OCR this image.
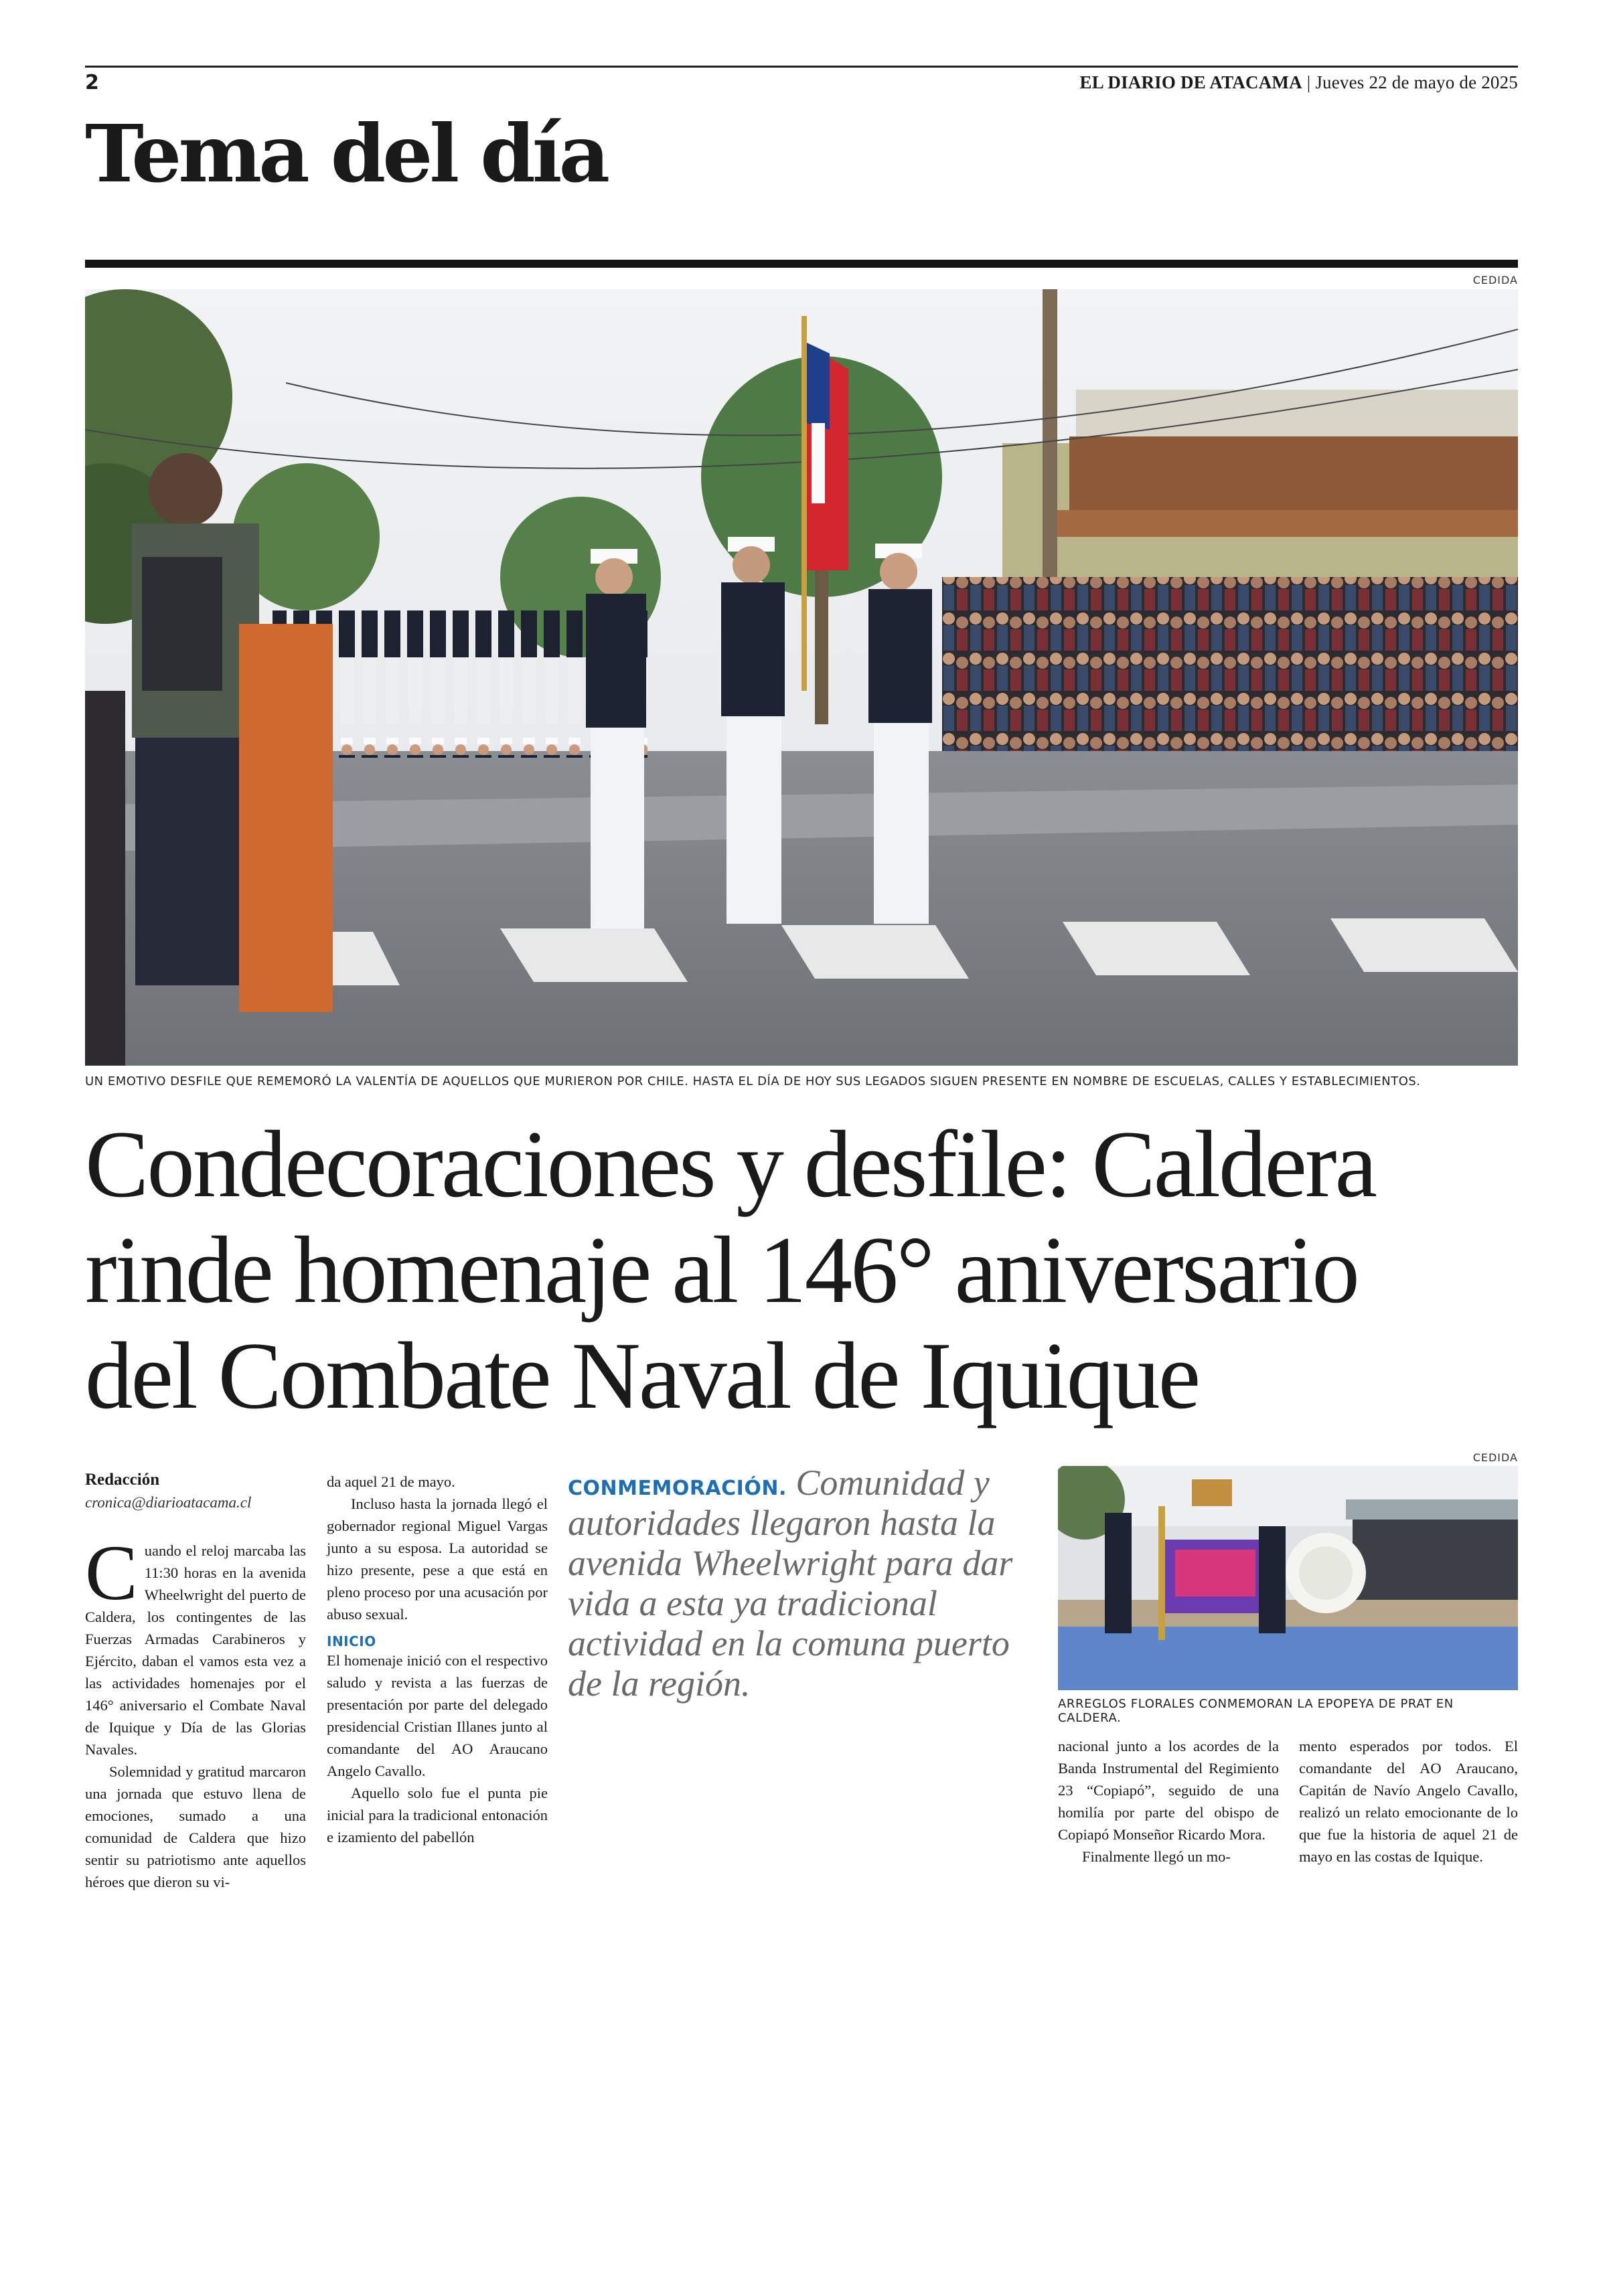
2	EL DIARIO DE ATACAMA | Jueves 22 de mayo de 2025
Tema del día
CEDIDA
UN EMOTIVO DESFILE QUE REMEMORÓ LA VALENTÍA DE AQUELLOS QUE MURIERON POR CHILE. HASTA EL DÍA DE HOY SUS LEGADOS SIGUEN PRESENTE EN NOMBRE DE ESCUELAS, CALLES Y ESTABLECIMIENTOS.
Condecoraciones y desfile: Caldera
rinde homenaje al 146° aniversario
del Combate Naval de Iquique
Redacción
cronica@diarioatacama.cl

Cuando el reloj marcaba las 11:30 horas en la avenida Wheelwright del puerto de Caldera, los contingentes de las Fuerzas Armadas Carabineros y Ejército, daban el vamos esta vez a las actividades homenajes por el 146° aniversario el Combate Naval de Iquique y Día de las Glorias Navales.

Solemnidad y gratitud marcaron una jornada que estuvo llena de emociones, sumado a una comunidad de Caldera que hizo sentir su patriotismo ante aquellos héroes que dieron su vi-

da aquel 21 de mayo.

Incluso hasta la jornada llegó el gobernador regional Miguel Vargas junto a su esposa. La autoridad se hizo presente, pese a que está en pleno proceso por una acusación por abuso sexual.

INICIO

El homenaje inició con el respectivo saludo y revista a las fuerzas de presentación por parte del delegado presidencial Cristian Illanes junto al comandante del AO Araucano Angelo Cavallo.

Aquello solo fue el punta pie inicial para la tradicional entonación e izamiento del pabellón

CONMEMORACIÓN. Comunidad y autoridades llegaron hasta la avenida Wheelwright para dar vida a esta ya tradicional actividad en la comuna puerto de la región.
CEDIDA
ARREGLOS FLORALES CONMEMORAN LA EPOPEYA DE PRAT EN CALDERA.

nacional junto a los acordes de la Banda Instrumental del Regimiento 23 “Copiapó”, seguido de una homilía por parte del obispo de Copiapó Monseñor Ricardo Mora.

Finalmente llegó un mo-

mento esperados por todos. El comandante del AO Araucano, Capitán de Navío Angelo Cavallo, realizó un relato emocionante de lo que fue la historia de aquel 21 de mayo en las costas de Iquique.
